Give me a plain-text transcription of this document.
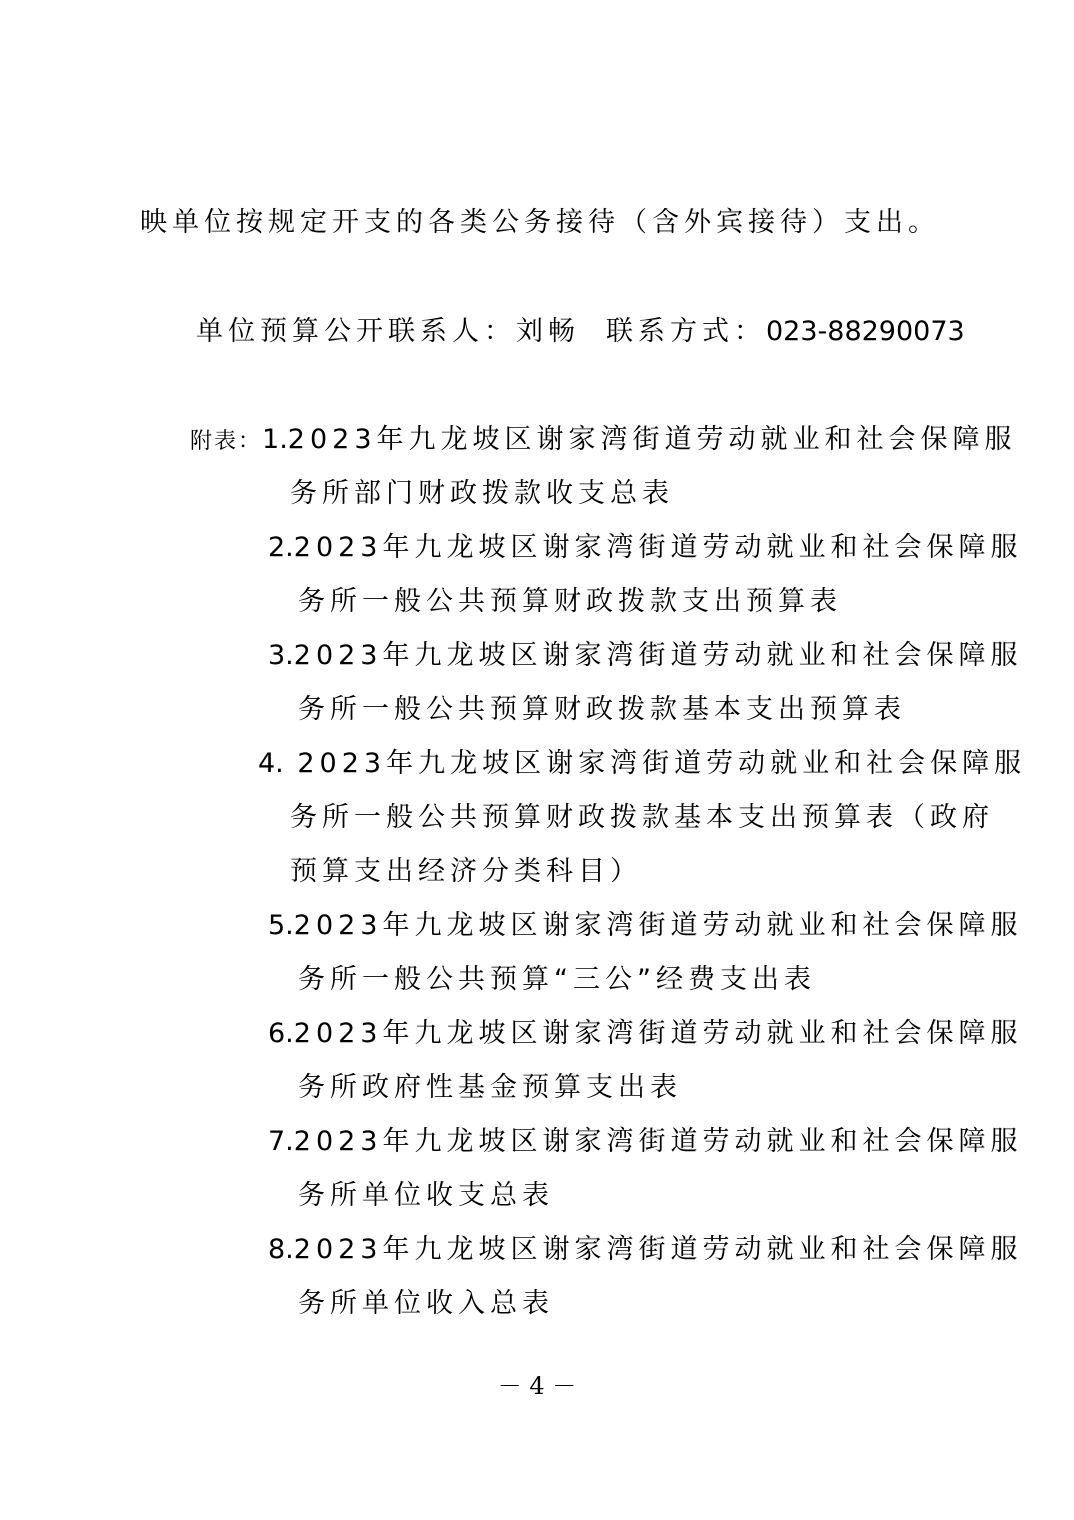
映单位按规定开支的各类公务接待（含外宾接待）支出。
单位预算公开联系人：刘畅 联系方式：023-88290073
附表：1.2023年九龙坡区谢家湾街道劳动就业和社会保障服
务所部门财政拨款收支总表
2.2023年九龙坡区谢家湾街道劳动就业和社会保障服
务所一般公共预算财政拨款支出预算表
3.2023年九龙坡区谢家湾街道劳动就业和社会保障服
务所一般公共预算财政拨款基本支出预算表
4. 2023年九龙坡区谢家湾街道劳动就业和社会保障服
务所一般公共预算财政拨款基本支出预算表（政府
预算支出经济分类科目）
5.2023年九龙坡区谢家湾街道劳动就业和社会保障服
务所一般公共预算“三公”经费支出表
6.2023年九龙坡区谢家湾街道劳动就业和社会保障服
务所政府性基金预算支出表
7.2023年九龙坡区谢家湾街道劳动就业和社会保障服
务所单位收支总表
8.2023年九龙坡区谢家湾街道劳动就业和社会保障服
务所单位收入总表
－ 4 －
